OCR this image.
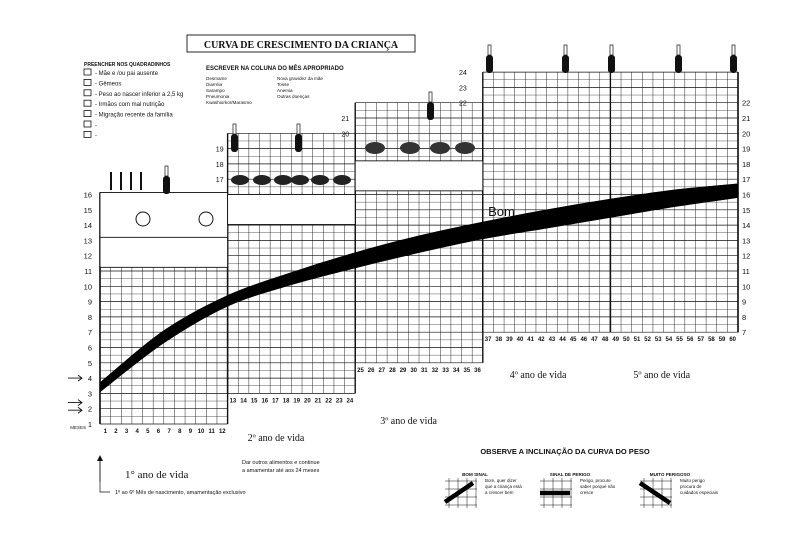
Bom
16
15
14
13
12
11
10
9
8
7
6
5
4
3
2
1
22
21
20
19
18
17
16
15
14
13
12
11
10
9
8
7
19
18
17
21
20
24
23
22
1 2 3 4 5 6 7 8 9 10 11 12
13 14 15 16 17 18 19 20 21 22 23 24
25 26 27 28 29 30 31 32 33 34 35 36
37 38 39 40 41 42 43 44 45 46 47 48 49 50 51 52 53 54 55 56 57 58 59 60
MESES
1° ano de vida
2º ano de vida
3º ano de vida
4º ano de vida	5º ano de vida
CURVA DE CRESCIMENTO DA CRIANÇA
PREENCHER NOS QUADRADINHOS
- Mãe e /ou pai ausente
- Gêmeos
- Peso ao nascer inferior a 2,5 kg
- Irmãos com mal nutrição
- Migração recente da família
-
-
ESCREVER NA COLUNA DO MÊS APROPRIADO
Desmame
Diarréia
Sarampo
Pneumonia
Kwashiorkor/Marasmo
Nova gravidez da mãe
Tosse
Anemia
Outras doenças
Dar outros alimentos e continue
a amamentar até aos 24 meses
1º ao 6º Mês de nascimento, amamentação exclusivo
OBSERVE A INCLINAÇÃO DA CURVA DO PESO
BOM SINAL
Bom, quer dizer
que a criança está
a crescer bem
SINAL DE PERIGO
Perigo, procure
saber porque não
cresce
MUITO PERIGOSO
Muito perigo
procura de
cuidados especiais
